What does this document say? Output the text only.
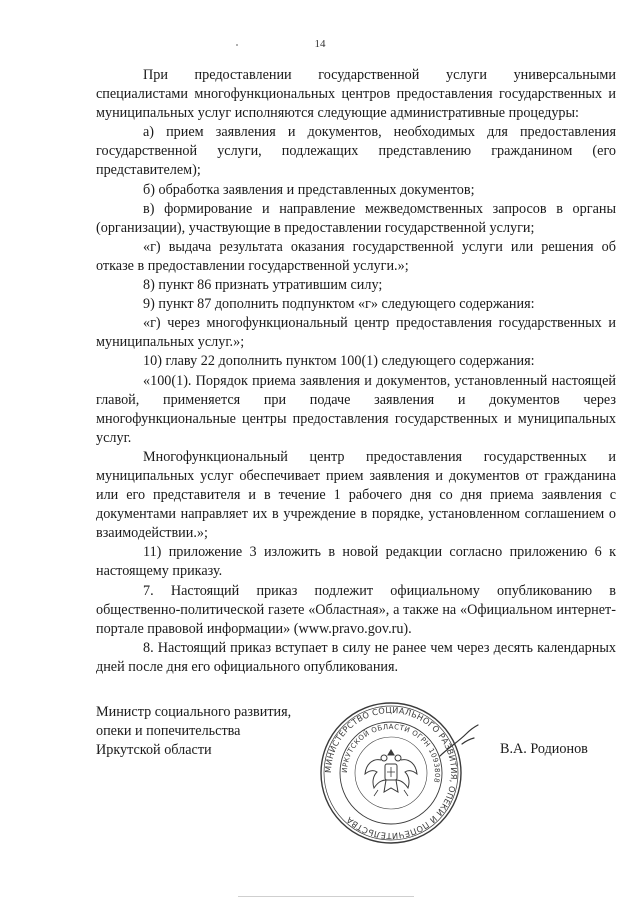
14

При предоставлении государственной услуги универсальными специалистами многофункциональных центров предоставления государственных и муниципальных услуг исполняются следующие административные процедуры:

а) прием заявления и документов, необходимых для предоставления государственной услуги, подлежащих представлению гражданином (его представителем);

б) обработка заявления и представленных документов;

в) формирование и направление межведомственных запросов в органы (организации), участвующие в предоставлении государственной услуги;

«г) выдача результата оказания государственной услуги или решения об отказе в предоставлении государственной услуги.»;

8) пункт 86 признать утратившим силу;

9) пункт 87 дополнить подпунктом «г» следующего содержания:

«г) через многофункциональный центр предоставления государственных и муниципальных услуг.»;

10) главу 22 дополнить пунктом 100(1) следующего содержания:

«100(1). Порядок приема заявления и документов, установленный настоящей главой, применяется при подаче заявления и документов через многофункциональные центры предоставления государственных и муниципальных услуг.

Многофункциональный центр предоставления государственных и муниципальных услуг обеспечивает прием заявления и документов от гражданина или его представителя и в течение 1 рабочего дня со дня приема заявления с документами направляет их в учреждение в порядке, установленном соглашением о взаимодействии.»;

11) приложение 3 изложить в новой редакции согласно приложению 6 к настоящему приказу.

7. Настоящий приказ подлежит официальному опубликованию в общественно-политической газете «Областная», а также на «Официальном интернет-портале правовой информации» (www.pravo.gov.ru).

8. Настоящий приказ вступает в силу не ранее чем через десять календарных дней после дня его официального опубликования.

Министр социального развития,
опеки и попечительства
Иркутской области
МИНИСТЕРСТВО СОЦИАЛЬНОГО РАЗВИТИЯ, ОПЕКИ И ПОПЕЧИТЕЛЬСТВА
ИРКУТСКОЙ ОБЛАСТИ ОГРН 1093808
В.А. Родионов
